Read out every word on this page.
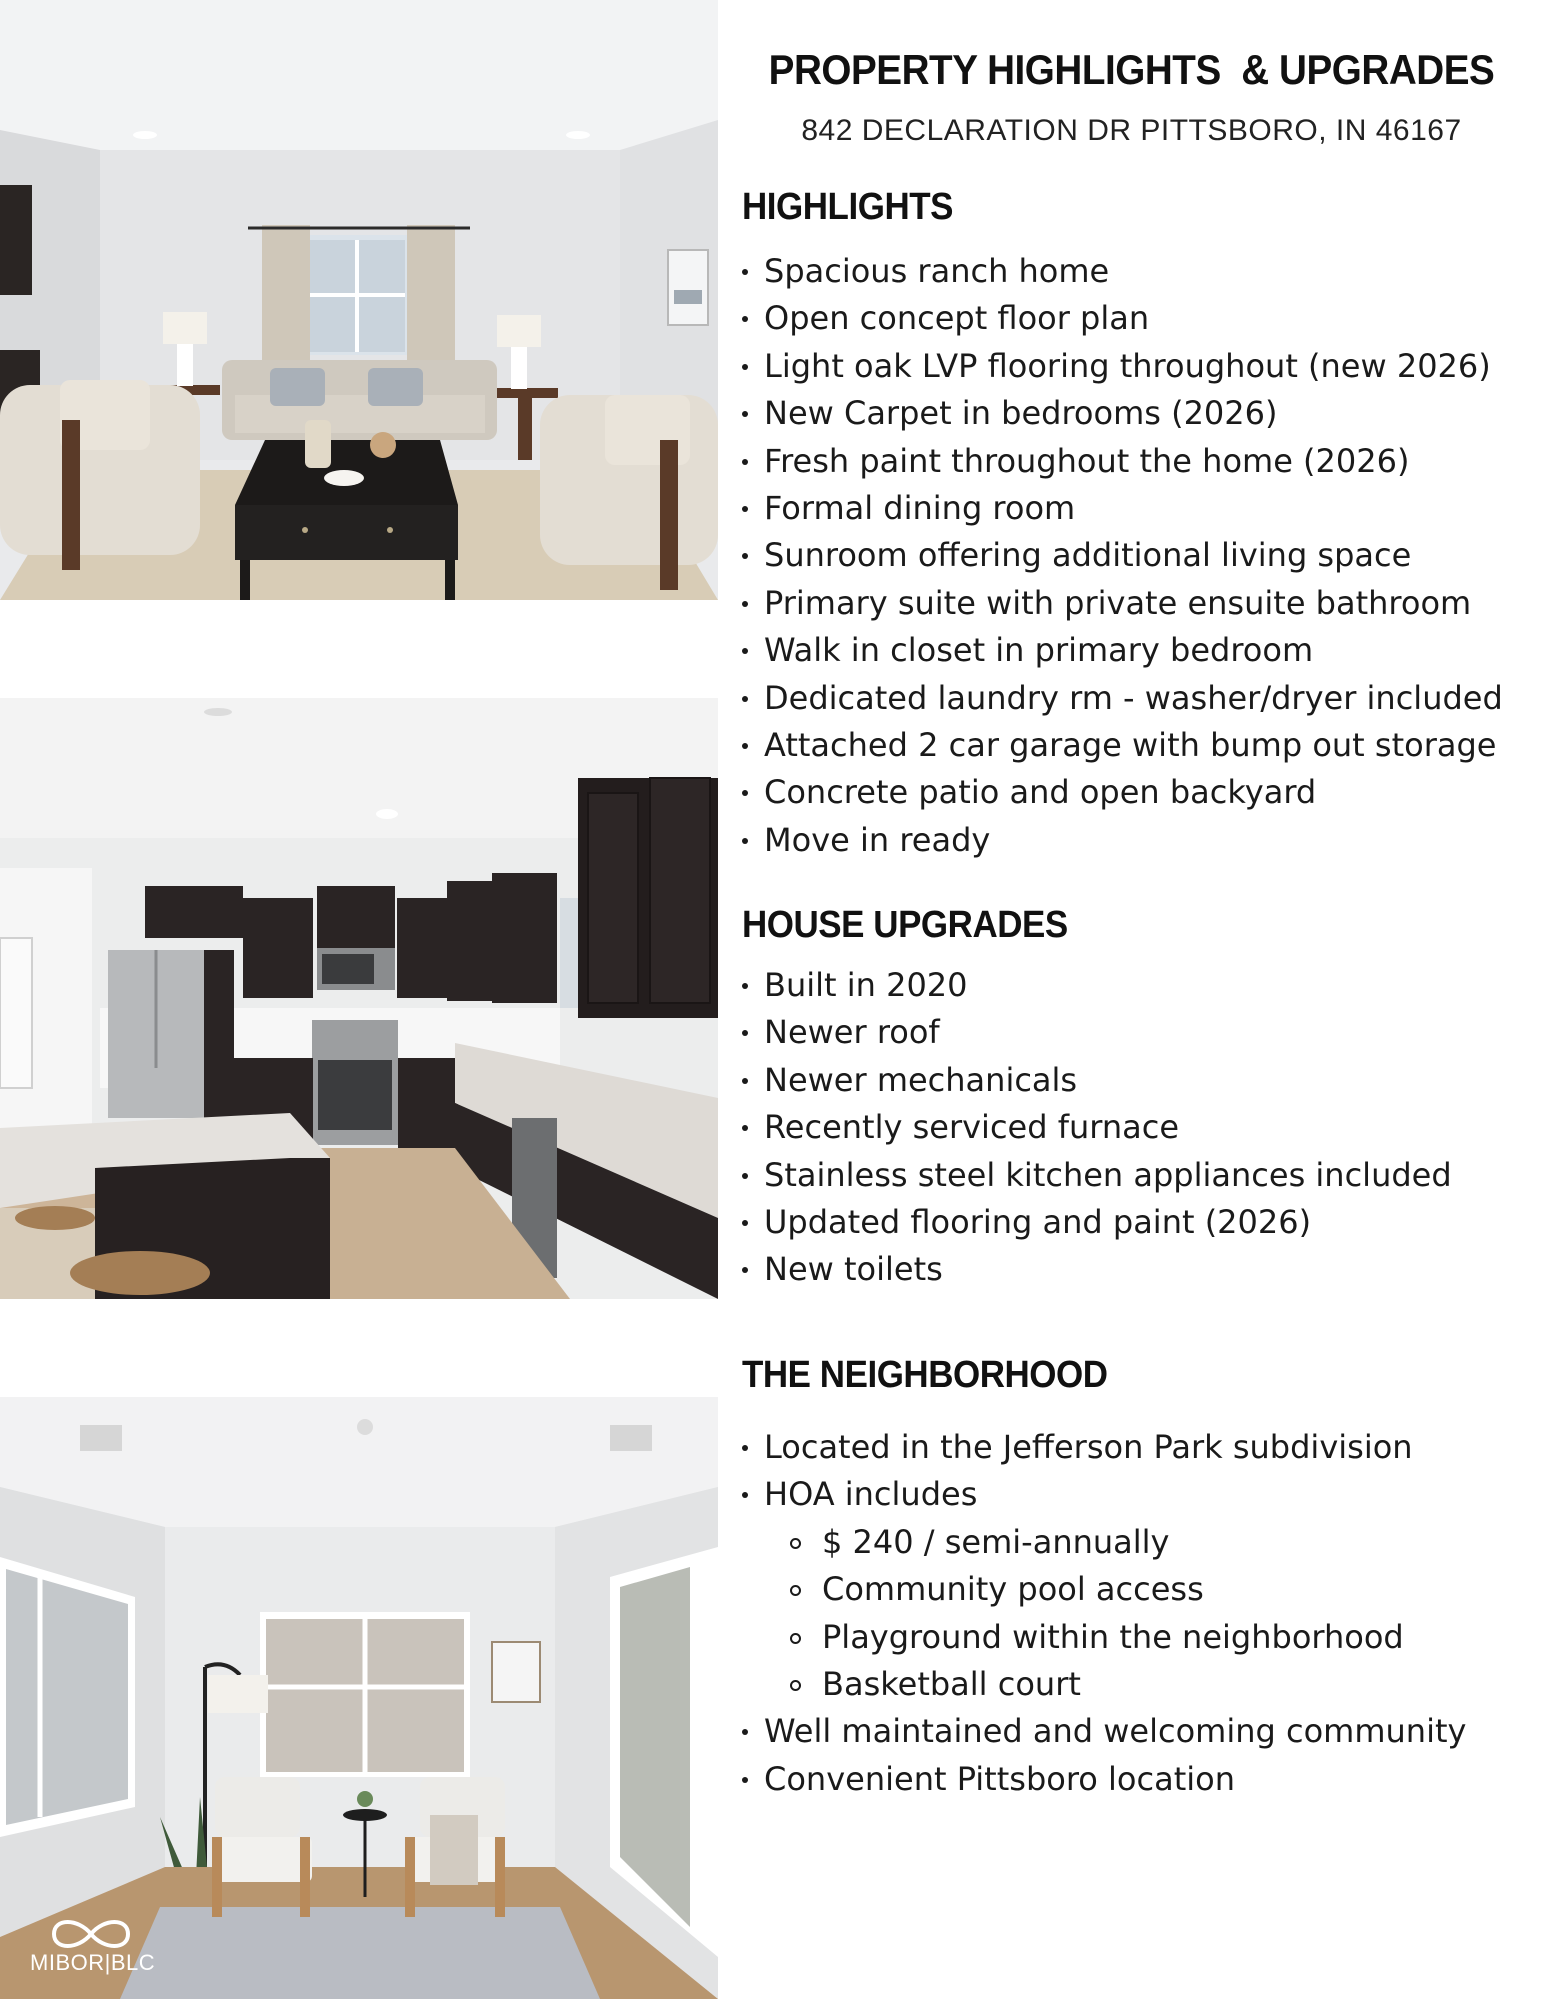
MIBOR|BLC
PROPERTY HIGHLIGHTS  & UPGRADES
842 DECLARATION DR PITTSBORO, IN 46167
HIGHLIGHTS
Spacious ranch home
Open concept floor plan
Light oak LVP flooring throughout (new 2026)
New Carpet in bedrooms (2026)
Fresh paint throughout the home (2026)
Formal dining room
Sunroom offering additional living space
Primary suite with private ensuite bathroom
Walk in closet in primary bedroom
Dedicated laundry rm - washer/dryer included
Attached 2 car garage with bump out storage
Concrete patio and open backyard
Move in ready
HOUSE UPGRADES
Built in 2020
Newer roof
Newer mechanicals
Recently serviced furnace
Stainless steel kitchen appliances included
Updated flooring and paint (2026)
New toilets
THE NEIGHBORHOOD
Located in the Jefferson Park subdivision
HOA includes
$ 240 / semi-annually
Community pool access
Playground within the neighborhood
Basketball court
Well maintained and welcoming community
Convenient Pittsboro location
